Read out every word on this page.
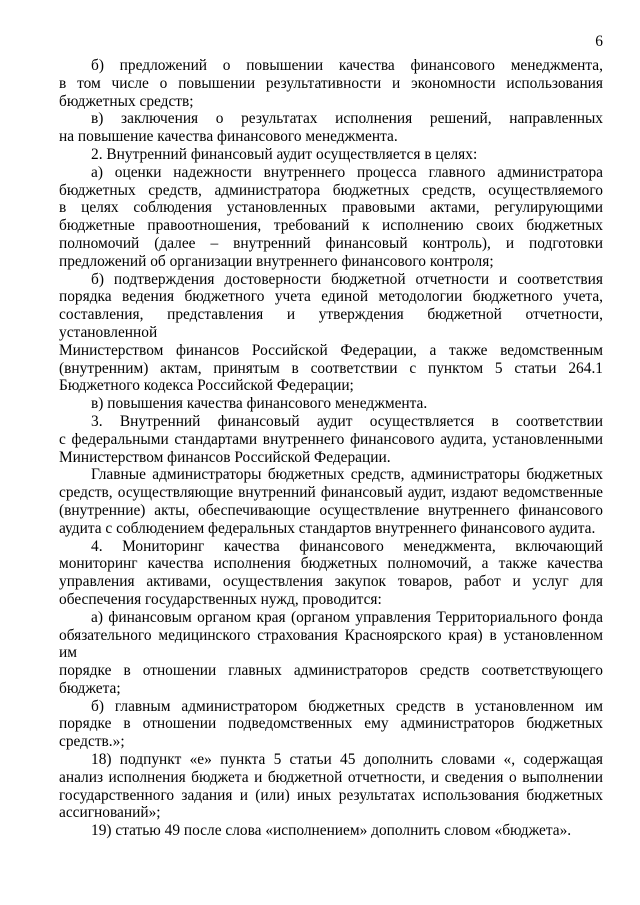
6
б) предложений о повышении качества финансового менеджмента,
в том числе о повышении результативности и экономности использования
бюджетных средств;
в) заключения о результатах исполнения решений, направленных
на повышение качества финансового менеджмента.
2. Внутренний финансовый аудит осуществляется в целях:
а) оценки надежности внутреннего процесса главного администратора
бюджетных средств, администратора бюджетных средств, осуществляемого
в целях соблюдения установленных правовыми актами, регулирующими
бюджетные правоотношения, требований к исполнению своих бюджетных
полномочий (далее – внутренний финансовый контроль), и подготовки
предложений об организации внутреннего финансового контроля;
б) подтверждения достоверности бюджетной отчетности и соответствия
порядка ведения бюджетного учета единой методологии бюджетного учета,
составления, представления и утверждения бюджетной отчетности, установленной
Министерством финансов Российской Федерации, а также ведомственным
(внутренним) актам, принятым в соответствии с пунктом 5 статьи 264.1
Бюджетного кодекса Российской Федерации;
в) повышения качества финансового менеджмента.
3. Внутренний финансовый аудит осуществляется в соответствии
с федеральными стандартами внутреннего финансового аудита, установленными
Министерством финансов Российской Федерации.
Главные администраторы бюджетных средств, администраторы бюджетных
средств, осуществляющие внутренний финансовый аудит, издают ведомственные
(внутренние) акты, обеспечивающие осуществление внутреннего финансового
аудита с соблюдением федеральных стандартов внутреннего финансового аудита.
4. Мониторинг качества финансового менеджмента, включающий
мониторинг качества исполнения бюджетных полномочий, а также качества
управления активами, осуществления закупок товаров, работ и услуг для
обеспечения государственных нужд, проводится:
а) финансовым органом края (органом управления Территориального фонда
обязательного медицинского страхования Красноярского края) в установленном им
порядке в отношении главных администраторов средств соответствующего
бюджета;
б) главным администратором бюджетных средств в установленном им
порядке в отношении подведомственных ему администраторов бюджетных
средств.»;
18) подпункт «е» пункта 5 статьи 45 дополнить словами «, содержащая
анализ исполнения бюджета и бюджетной отчетности, и сведения о выполнении
государственного задания и (или) иных результатах использования бюджетных
ассигнований»;
19) статью 49 после слова «исполнением» дополнить словом «бюджета».
